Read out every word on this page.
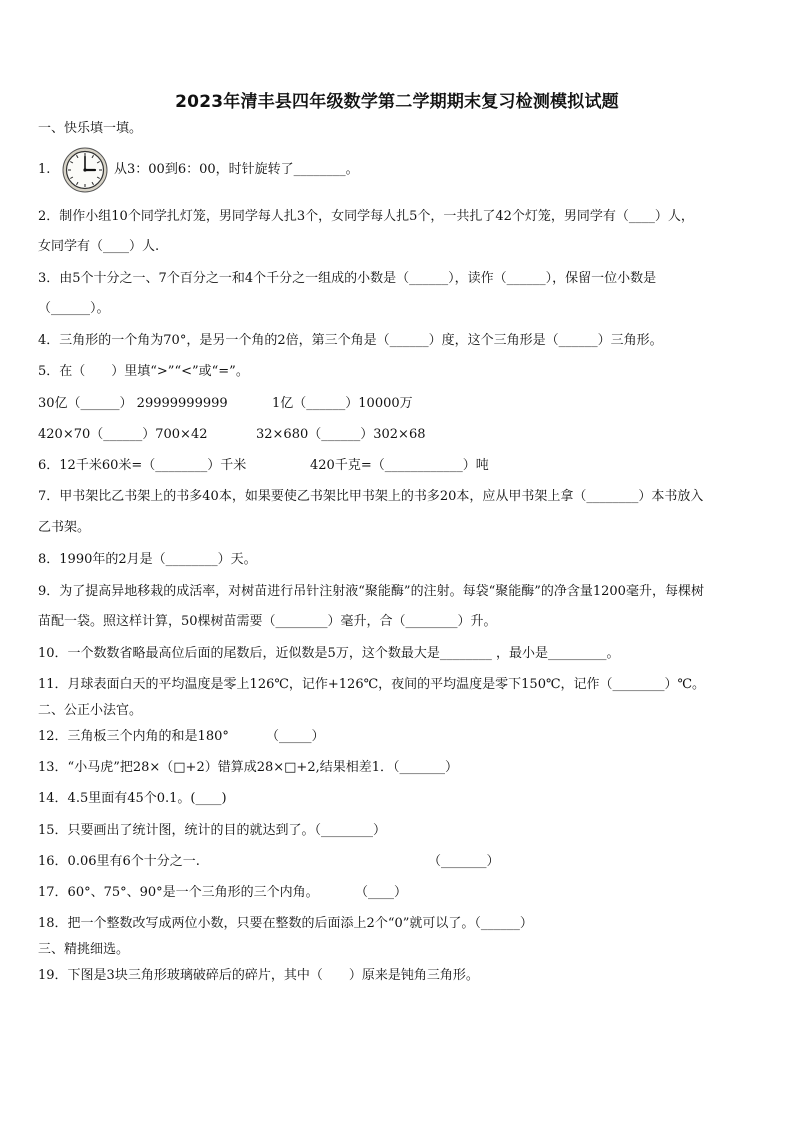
2023年清丰县四年级数学第二学期期末复习检测模拟试题
一、快乐填一填。
1.	从3：00到6：00，时针旋转了________。
2．制作小组10个同学扎灯笼，男同学每人扎3个，女同学每人扎5个，一共扎了42个灯笼，男同学有（____）人，
女同学有（____）人.
3．由5个十分之一、7个百分之一和4个千分之一组成的小数是（______），读作（______），保留一位小数是
（______）。
4．三角形的一个角为70°，是另一个角的2倍，第三个角是（______）度，这个三角形是（______）三角形。
5．在（　　）里填“>”“<”或“=”。
30亿（______） 29999999999	1亿（______）10000万
420×70（______）700×42	32×680（______）302×68
6．12千米60米=（________）千米	420千克=（____________）吨
7．甲书架比乙书架上的书多40本，如果要使乙书架比甲书架上的书多20本，应从甲书架上拿（________）本书放入
乙书架。
8．1990年的2月是（________）天。
9．为了提高异地移栽的成活率，对树苗进行吊针注射液“聚能酶”的注射。每袋“聚能酶”的净含量1200毫升，每棵树
苗配一袋。照这样计算，50棵树苗需要（________）毫升，合（________）升。
10．一个数数省略最高位后面的尾数后，近似数是5万，这个数最大是________ ，最小是_________。
11．月球表面白天的平均温度是零上126℃，记作+126℃，夜间的平均温度是零下150℃，记作（________）℃。
二、公正小法官。
12．三角板三个内角的和是180°	（_____）
13．“小马虎”把28×（□+2）错算成28×□+2,结果相差1．（_______）
14．4.5里面有45个0.1。(____)
15．只要画出了统计图，统计的目的就达到了。（________）
16．0.06里有6个十分之一.	（_______）
17．60°、75°、90°是一个三角形的三个内角。	（____）
18．把一个整数改写成两位小数，只要在整数的后面添上2个“0”就可以了。（______）
三、精挑细选。
19．下图是3块三角形玻璃破碎后的碎片，其中（　　）原来是钝角三角形。
